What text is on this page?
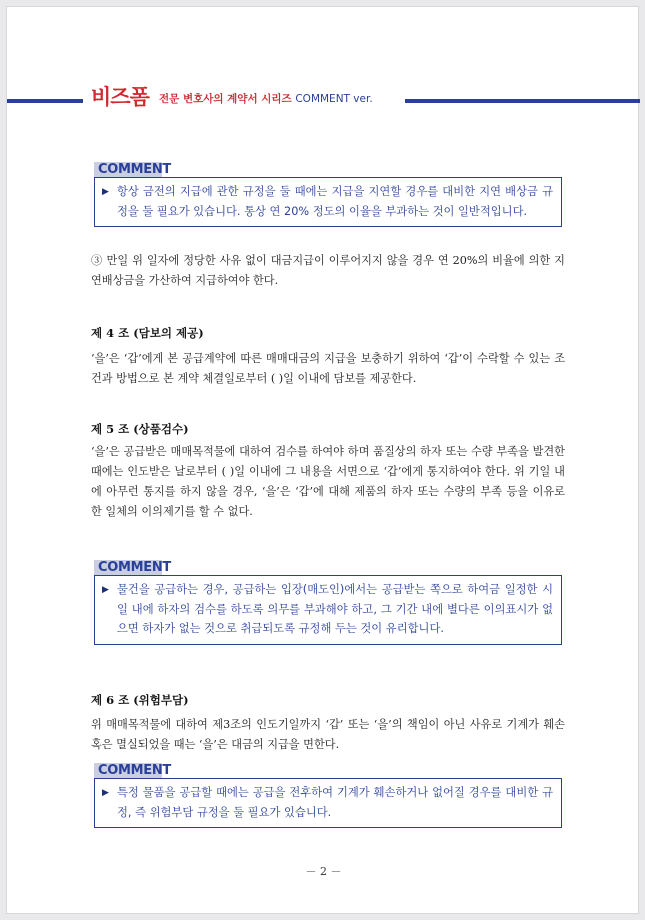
비즈폼 전문 변호사의 계약서 시리즈 COMMENT ver.
COMMENT
▶ 항상 금전의 지급에 관한 규정을 둘 때에는 지급을 지연할 경우를 대비한 지연 배상금 규정을 둘 필요가 있습니다. 통상 연 20% 정도의 이율을 부과하는 것이 일반적입니다.
③ 만일 위 일자에 정당한 사유 없이 대금지급이 이루어지지 않을 경우 연 20%의 비율에 의한 지연배상금을 가산하여 지급하여야 한다.
제 4 조 (담보의 제공)
‘을’은 ‘갑’에게 본 공급계약에 따른 매매대금의 지급을 보충하기 위하여 ‘갑’이 수락할 수 있는 조건과 방법으로 본 계약 체결일로부터 ( )일 이내에 담보를 제공한다.
제 5 조 (상품검수)
‘을’은 공급받은 매매목적물에 대하여 검수를 하여야 하며 품질상의 하자 또는 수량 부족을 발견한 때에는 인도받은 날로부터 ( )일 이내에 그 내용을 서면으로 ‘갑’에게 통지하여야 한다. 위 기일 내에 아무런 통지를 하지 않을 경우, ‘을’은 ‘갑’에 대해 제품의 하자 또는 수량의 부족 등을 이유로 한 일체의 이의제기를 할 수 없다.
COMMENT
▶ 물건을 공급하는 경우, 공급하는 입장(매도인)에서는 공급받는 쪽으로 하여금 일정한 시일 내에 하자의 검수를 하도록 의무를 부과해야 하고, 그 기간 내에 별다른 이의표시가 없으면 하자가 없는 것으로 취급되도록 규정해 두는 것이 유리합니다.
제 6 조 (위험부담)
위 매매목적물에 대하여 제3조의 인도기일까지 ‘갑’ 또는 ‘을’의 책임이 아닌 사유로 기계가 훼손 혹은 멸실되었을 때는 ‘을’은 대금의 지급을 면한다.
COMMENT
▶ 특정 물품을 공급할 때에는 공급을 전후하여 기계가 훼손하거나 없어질 경우를 대비한 규정, 즉 위험부담 규정을 둘 필요가 있습니다.
－ 2 －
